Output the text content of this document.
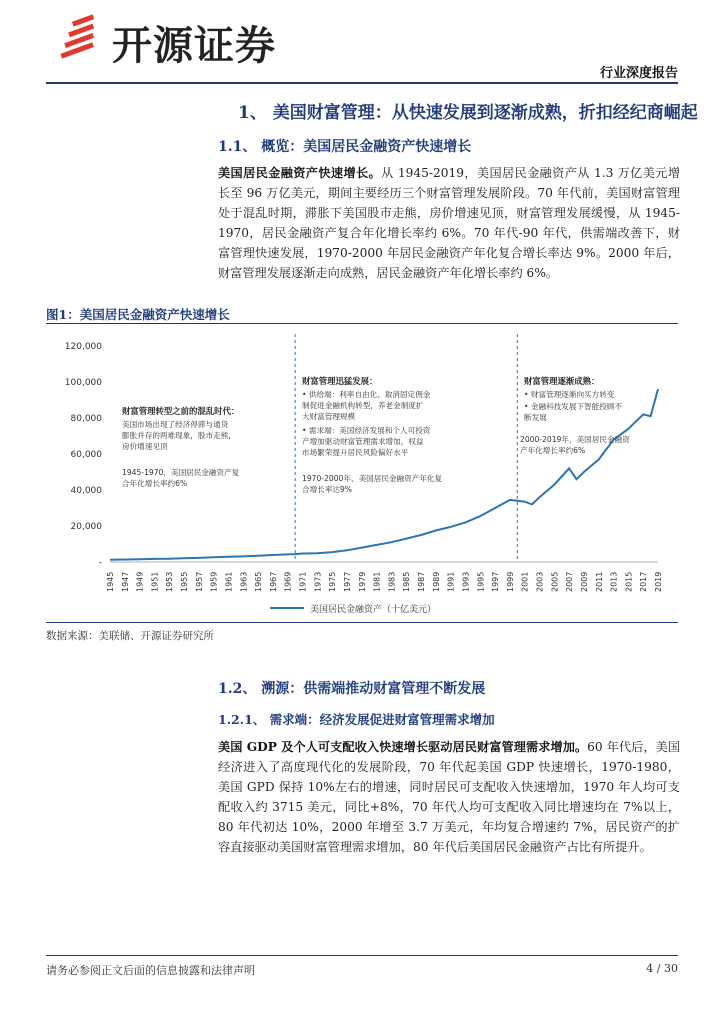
开源证券
行业深度报告
1、 美国财富管理：从快速发展到逐渐成熟，折扣经纪商崛起
1.1、 概览：美国居民金融资产快速增长
美国居民金融资产快速增长。从 1945-2019，美国居民金融资产从 1.3 万亿美元增长至 96 万亿美元，期间主要经历三个财富管理发展阶段。70 年代前，美国财富管理处于混乱时期，滞胀下美国股市走熊，房价增速见顶，财富管理发展缓慢，从 1945-1970，居民金融资产复合年化增长率约 6%。70 年代-90 年代，供需端改善下，财富管理快速发展，1970-2000 年居民金融资产年化复合增长率达 9%。2000 年后，财富管理发展逐渐走向成熟，居民金融资产年化增长率约 6%。
图1：美国居民金融资产快速增长
120,000
100,000
80,000
60,000
40,000
20,000
-
1945 1947 1949 1951 1953 1955 1957 1959 1961 1963 1965 1967 1969 1971 1973 1975 1977 1979 1981 1983 1985 1987 1989 1991 1993 1995 1997 1999 2001 2003 2005 2007 2009 2011 2013 2015 2017 2019
财富管理转型之前的混乱时代：
美国市场出现了经济停滞与通货
膨胀并存的两难现象，股市走熊，
房价增速见顶
1945-1970，美国居民金融资产复
合年化增长率约6%
财富管理迅猛发展：
• 供给端：利率自由化、取消固定佣金
制促进金融机构转型，养老金制度扩
大财富管理规模
• 需求端：美国经济发展和个人可投资
产增加驱动财富管理需求增加，权益
市场繁荣提升居民风险偏好水平
1970-2000年，美国居民金融资产年化复
合增长率达9%
财富管理逐渐成熟：
• 财富管理逐渐向买方转变
• 金融科技发展下智能投顾不
断发展
2000-2019年，美国居民金融资
产年化增长率约6%
美国居民金融资产（十亿美元）
数据来源：美联储、开源证券研究所
1.2、 溯源：供需端推动财富管理不断发展
1.2.1、 需求端：经济发展促进财富管理需求增加
美国 GDP 及个人可支配收入快速增长驱动居民财富管理需求增加。60 年代后，美国经济进入了高度现代化的发展阶段，70 年代起美国 GDP 快速增长，1970-1980，美国 GPD 保持 10%左右的增速，同时居民可支配收入快速增加，1970 年人均可支配收入约 3715 美元，同比+8%，70 年代人均可支配收入同比增速均在 7%以上，80 年代初达 10%，2000 年增至 3.7 万美元，年均复合增速约 7%，居民资产的扩容直接驱动美国财富管理需求增加，80 年代后美国居民金融资产占比有所提升。
请务必参阅正文后面的信息披露和法律声明	4 / 30
